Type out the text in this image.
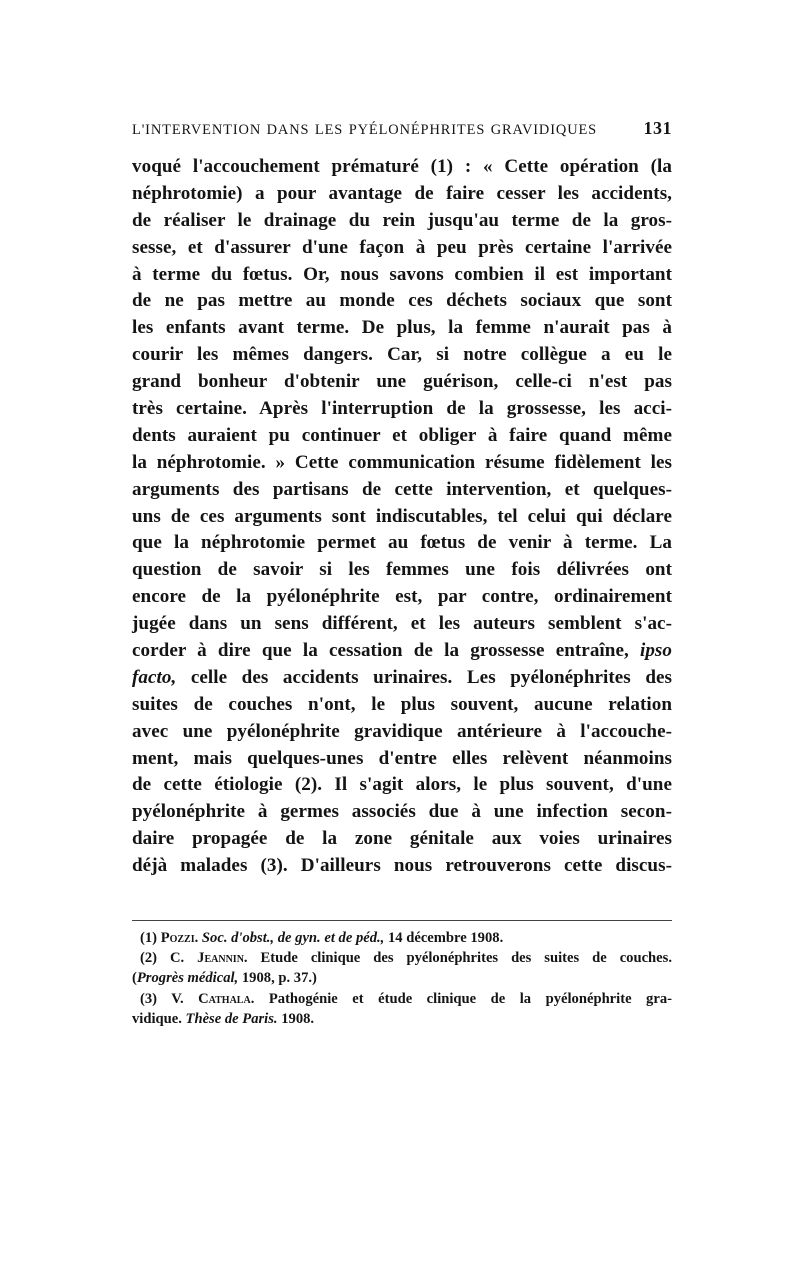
L'INTERVENTION DANS LES PYÉLONÉPHRITES GRAVIDIQUES	131
voqué l'accouchement prématuré (1) : « Cette opération (la
néphrotomie) a pour avantage de faire cesser les accidents,
de réaliser le drainage du rein jusqu'au terme de la gros-
sesse, et d'assurer d'une façon à peu près certaine l'arrivée
à terme du fœtus. Or, nous savons combien il est important
de ne pas mettre au monde ces déchets sociaux que sont
les enfants avant terme. De plus, la femme n'aurait pas à
courir les mêmes dangers. Car, si notre collègue a eu le
grand bonheur d'obtenir une guérison, celle-ci n'est pas
très certaine. Après l'interruption de la grossesse, les acci-
dents auraient pu continuer et obliger à faire quand même
la néphrotomie. » Cette communication résume fidèlement les
arguments des partisans de cette intervention, et quelques-
uns de ces arguments sont indiscutables, tel celui qui déclare
que la néphrotomie permet au fœtus de venir à terme. La
question de savoir si les femmes une fois délivrées ont
encore de la pyélonéphrite est, par contre, ordinairement
jugée dans un sens différent, et les auteurs semblent s'ac-
corder à dire que la cessation de la grossesse entraîne, ipso
facto, celle des accidents urinaires. Les pyélonéphrites des
suites de couches n'ont, le plus souvent, aucune relation
avec une pyélonéphrite gravidique antérieure à l'accouche-
ment, mais quelques-unes d'entre elles relèvent néanmoins
de cette étiologie (2). Il s'agit alors, le plus souvent, d'une
pyélonéphrite à germes associés due à une infection secon-
daire propagée de la zone génitale aux voies urinaires
déjà malades (3). D'ailleurs nous retrouverons cette discus-
(1) Pozzi. Soc. d'obst., de gyn. et de péd., 14 décembre 1908.
(2) C. Jeannin. Etude clinique des pyélonéphrites des suites de couches.
(Progrès médical, 1908, p. 37.)
(3) V. Cathala. Pathogénie et étude clinique de la pyélonéphrite gra-
vidique. Thèse de Paris. 1908.
